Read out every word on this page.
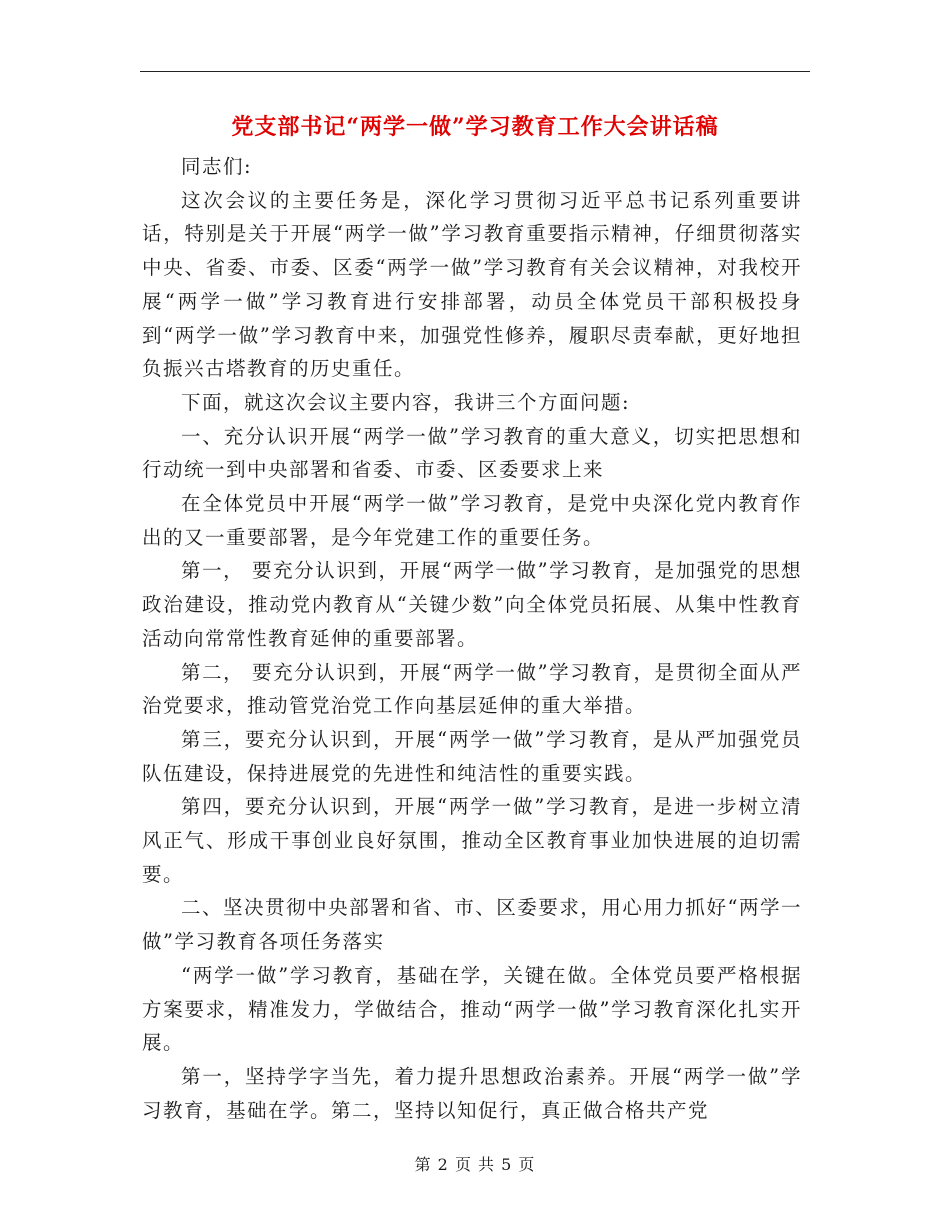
党支部书记“两学一做”学习教育工作大会讲话稿

同志们:

这次会议的主要任务是，深化学习贯彻习近平总书记系列重要讲话，特别是关于开展“两学一做”学习教育重要指示精神，仔细贯彻落实中央、省委、市委、区委“两学一做”学习教育有关会议精神，对我校开展“两学一做”学习教育进行安排部署，动员全体党员干部积极投身到“两学一做”学习教育中来，加强党性修养，履职尽责奉献，更好地担负振兴古塔教育的历史重任。

下面，就这次会议主要内容，我讲三个方面问题:

一、充分认识开展“两学一做”学习教育的重大意义，切实把思想和行动统一到中央部署和省委、市委、区委要求上来

在全体党员中开展“两学一做”学习教育，是党中央深化党内教育作出的又一重要部署，是今年党建工作的重要任务。

第一， 要充分认识到，开展“两学一做”学习教育，是加强党的思想政治建设，推动党内教育从“关键少数”向全体党员拓展、从集中性教育活动向常常性教育延伸的重要部署。

第二， 要充分认识到，开展“两学一做”学习教育，是贯彻全面从严治党要求，推动管党治党工作向基层延伸的重大举措。

第三，要充分认识到，开展“两学一做”学习教育，是从严加强党员队伍建设，保持进展党的先进性和纯洁性的重要实践。

第四，要充分认识到，开展“两学一做”学习教育，是进一步树立清风正气、形成干事创业良好氛围，推动全区教育事业加快进展的迫切需要。

二、坚决贯彻中央部署和省、市、区委要求，用心用力抓好“两学一做”学习教育各项任务落实

“两学一做”学习教育，基础在学，关键在做。全体党员要严格根据方案要求，精准发力，学做结合，推动“两学一做”学习教育深化扎实开展。

第一，坚持学字当先，着力提升思想政治素养。开展“两学一做”学习教育，基础在学。第二，坚持以知促行，真正做合格共产党

第 2 页 共 5 页
